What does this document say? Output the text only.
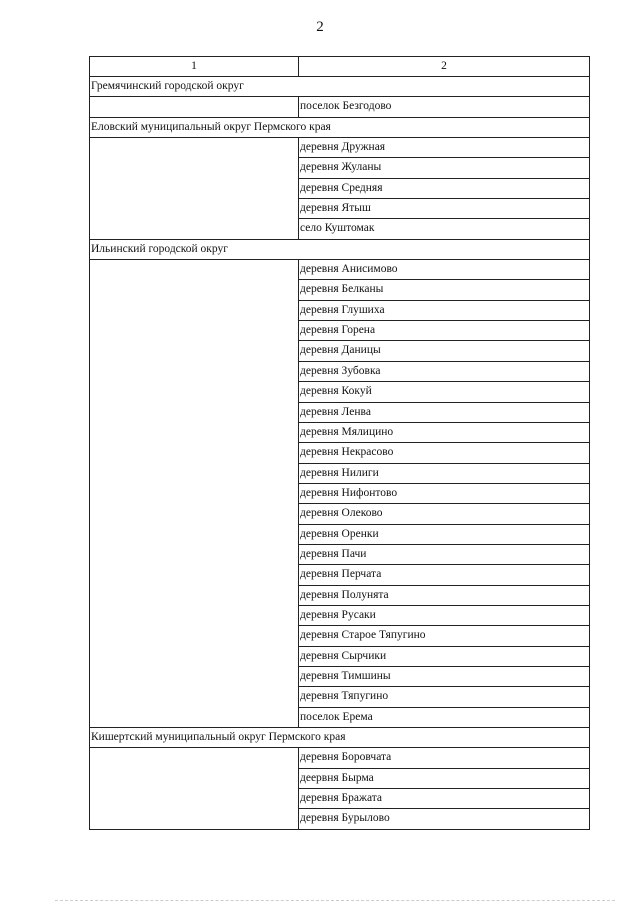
2
1	2
Гремячинский городской округ	
	поселок Безгодово
Еловский муниципальный округ Пермского края	
	деревня Дружная
	деревня Жуланы
	деревня Средняя
	деревня Ятыш
	село Куштомак
Ильинский городской округ	
	деревня Анисимово
	деревня Белканы
	деревня Глушиха
	деревня Горена
	деревня Даницы
	деревня Зубовка
	деревня Кокуй
	деревня Ленва
	деревня Мялицино
	деревня Некрасово
	деревня Нилиги
	деревня Нифонтово
	деревня Олеково
	деревня Оренки
	деревня Пачи
	деревня Перчата
	деревня Полунята
	деревня Русаки
	деревня Старое Тяпугино
	деревня Сырчики
	деревня Тимшины
	деревня Тяпугино
	поселок Ерема
Кишертский муниципальный округ Пермского края	
	деревня Боровчата
	деервня Бырма
	деревня Бражата
	деревня Бурылово
